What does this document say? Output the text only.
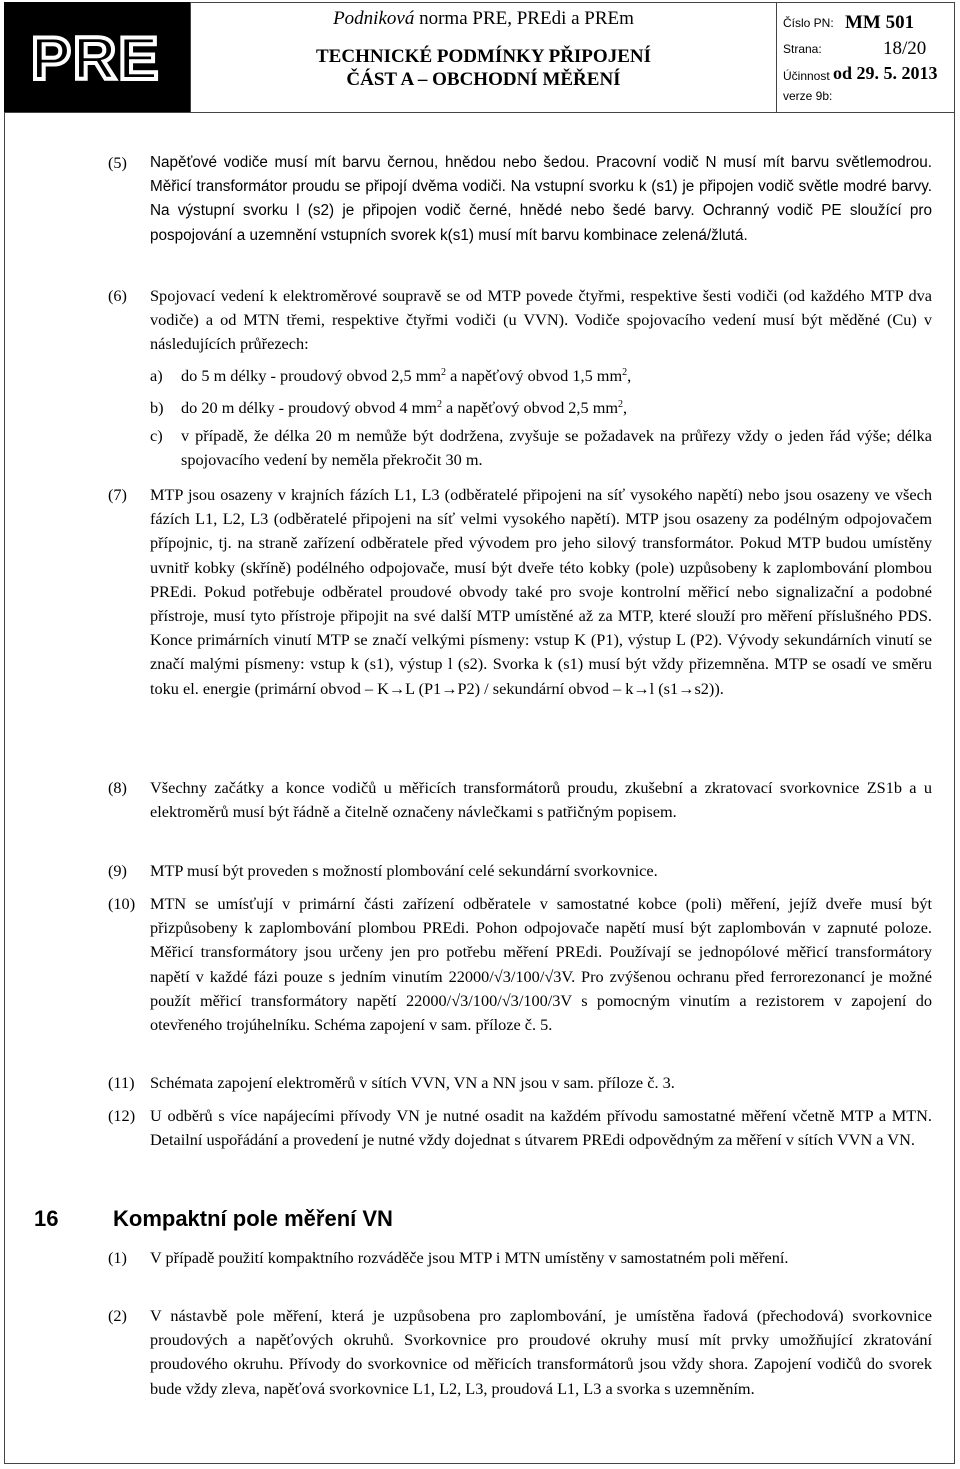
PRE
Podniková norma PRE, PREdi a PREm
TECHNICKÉ PODMÍNKY PŘIPOJENÍ
ČÁST A – OBCHODNÍ MĚŘENÍ
Číslo PN: MM 501
Strana:	18/20
Účinnost od 29. 5. 2013
verze 9b:
(5) Napěťové vodiče musí mít barvu černou, hnědou nebo šedou. Pracovní vodič N musí mít barvu světlemodrou. Měřicí transformátor proudu se připojí dvěma vodiči. Na vstupní svorku k (s1) je připojen vodič světle modré barvy. Na výstupní svorku l (s2) je připojen vodič černé, hnědé nebo šedé barvy. Ochranný vodič PE sloužící pro pospojování a uzemnění vstupních svorek k(s1) musí mít barvu kombinace zelená/žlutá.
(6) Spojovací vedení k elektroměrové soupravě se od MTP povede čtyřmi, respektive šesti vodiči (od každého MTP dva vodiče) a od MTN třemi, respektive čtyřmi vodiči (u VVN). Vodiče spojovacího vedení musí být měděné (Cu) v následujících průřezech:
a) do 5 m délky - proudový obvod 2,5 $mm^2$ a napěťový obvod 1,5 $mm^2$,
b) do 20 m délky - proudový obvod 4 $mm^2$ a napěťový obvod 2,5 $mm^2$,
c) v případě, že délka 20 m nemůže být dodržena, zvyšuje se požadavek na průřezy vždy o jeden řád výše; délka spojovacího vedení by neměla překročit 30 m.
(7) MTP jsou osazeny v krajních fázích L1, L3 (odběratelé připojeni na síť vysokého napětí) nebo jsou osazeny ve všech fázích L1, L2, L3 (odběratelé připojeni na síť velmi vysokého napětí). MTP jsou osazeny za podélným odpojovačem přípojnic, tj. na straně zařízení odběratele před vývodem pro jeho silový transformátor. Pokud MTP budou umístěny uvnitř kobky (skříně) podélného odpojovače, musí být dveře této kobky (pole) uzpůsobeny k zaplombování plombou PREdi. Pokud potřebuje odběratel proudové obvody také pro svoje kontrolní měřicí nebo signalizační a podobné přístroje, musí tyto přístroje připojit na své další MTP umístěné až za MTP, které slouží pro měření příslušného PDS. Konce primárních vinutí MTP se značí velkými písmeny: vstup K (P1), výstup L (P2). Vývody sekundárních vinutí se značí malými písmeny: vstup k (s1), výstup l (s2). Svorka k (s1) musí být vždy přizemněna. MTP se osadí ve směru toku el. energie (primární obvod – K→L (P1→P2) / sekundární obvod – k→l (s1→s2)).
(8) Všechny začátky a konce vodičů u měřicích transformátorů proudu, zkušební a zkratovací svorkovnice ZS1b a u elektroměrů musí být řádně a čitelně označeny návlečkami s patřičným popisem.
(9) MTP musí být proveden s možností plombování celé sekundární svorkovnice.
(10) MTN se umísťují v primární části zařízení odběratele v samostatné kobce (poli) měření, jejíž dveře musí být přizpůsobeny k zaplombování plombou PREdi. Pohon odpojovače napětí musí být zaplombován v zapnuté poloze. Měřicí transformátory jsou určeny jen pro potřebu měření PREdi. Používají se jednopólové měřicí transformátory napětí v každé fázi pouze s jedním vinutím 22000/√3/100/√3V. Pro zvýšenou ochranu před ferrorezonancí je možné použít měřicí transformátory napětí 22000/√3/100/√3/100/3V s pomocným vinutím a rezistorem v zapojení do otevřeného trojúhelníku. Schéma zapojení v sam. příloze č. 5.
(11) Schémata zapojení elektroměrů v sítích VVN, VN a NN jsou v sam. příloze č. 3.
(12) U odběrů s více napájecími přívody VN je nutné osadit na každém přívodu samostatné měření včetně MTP a MTN. Detailní uspořádání a provedení je nutné vždy dojednat s útvarem PREdi odpovědným za měření v sítích VVN a VN.
16 Kompaktní pole měření VN
(1) V případě použití kompaktního rozváděče jsou MTP i MTN umístěny v samostatném poli měření.
(2) V nástavbě pole měření, která je uzpůsobena pro zaplombování, je umístěna řadová (přechodová) svorkovnice proudových a napěťových okruhů. Svorkovnice pro proudové okruhy musí mít prvky umožňující zkratování proudového okruhu. Přívody do svorkovnice od měřicích transformátorů jsou vždy shora. Zapojení vodičů do svorek bude vždy zleva, napěťová svorkovnice L1, L2, L3, proudová L1, L3 a svorka s uzemněním.
